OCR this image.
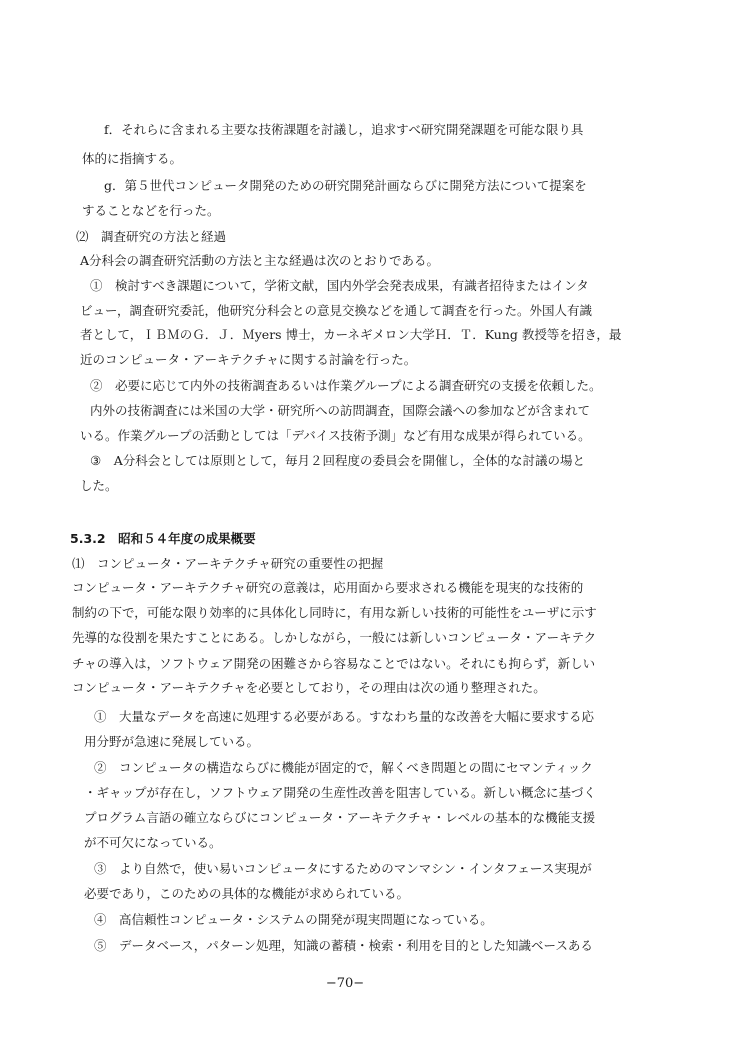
f．それらに含まれる主要な技術課題を討議し，追求すべ研究開発課題を可能な限り具

体的に指摘する。

g．第５世代コンピュータ開発のための研究開発計画ならびに開発方法について提案を

することなどを行った。

⑵　調査研究の方法と経過

A分科会の調査研究活動の方法と主な経過は次のとおりである。

①　検討すべき課題について，学術文献，国内外学会発表成果，有識者招待またはインタ

ビュー，調査研究委託，他研究分科会との意見交換などを通して調査を行った。外国人有識

者として，ＩＢＭのＧ．Ｊ．Ｍyers 博士，カーネギメロン大学Ｈ．Ｔ．Kung 教授等を招き，最

近のコンピュータ・アーキテクチャに関する討論を行った。

②　必要に応じて内外の技術調査あるいは作業グループによる調査研究の支援を依頼した。

内外の技術調査には米国の大学・研究所への訪問調査，国際会議への参加などが含まれて

いる。作業グループの活動としては「デバイス技術予測」など有用な成果が得られている。

③　A分科会としては原則として，毎月２回程度の委員会を開催し，全体的な討議の場と

した。

5.3.2　昭和５４年度の成果概要

⑴　コンピュータ・アーキテクチャ研究の重要性の把握

コンピュータ・アーキテクチャ研究の意義は，応用面から要求される機能を現実的な技術的

制約の下で，可能な限り効率的に具体化し同時に，有用な新しい技術的可能性をユーザに示す

先導的な役割を果たすことにある。しかしながら，一般には新しいコンピュータ・アーキテク

チャの導入は，ソフトウェア開発の困難さから容易なことではない。それにも拘らず，新しい

コンピュータ・アーキテクチャを必要としており，その理由は次の通り整理された。

①　大量なデータを高速に処理する必要がある。すなわち量的な改善を大幅に要求する応

用分野が急速に発展している。

②　コンピュータの構造ならびに機能が固定的で，解くべき問題との間にセマンティック

・ギャップが存在し，ソフトウェア開発の生産性改善を阻害している。新しい概念に基づく

プログラム言語の確立ならびにコンピュータ・アーキテクチャ・レベルの基本的な機能支援

が不可欠になっている。

③　より自然で，使い易いコンピュータにするためのマンマシン・インタフェース実現が

必要であり，このための具体的な機能が求められている。

④　高信頼性コンピュータ・システムの開発が現実問題になっている。

⑤　データベース，パターン処理，知識の蓄積・検索・利用を目的とした知識ベースある

−70−
